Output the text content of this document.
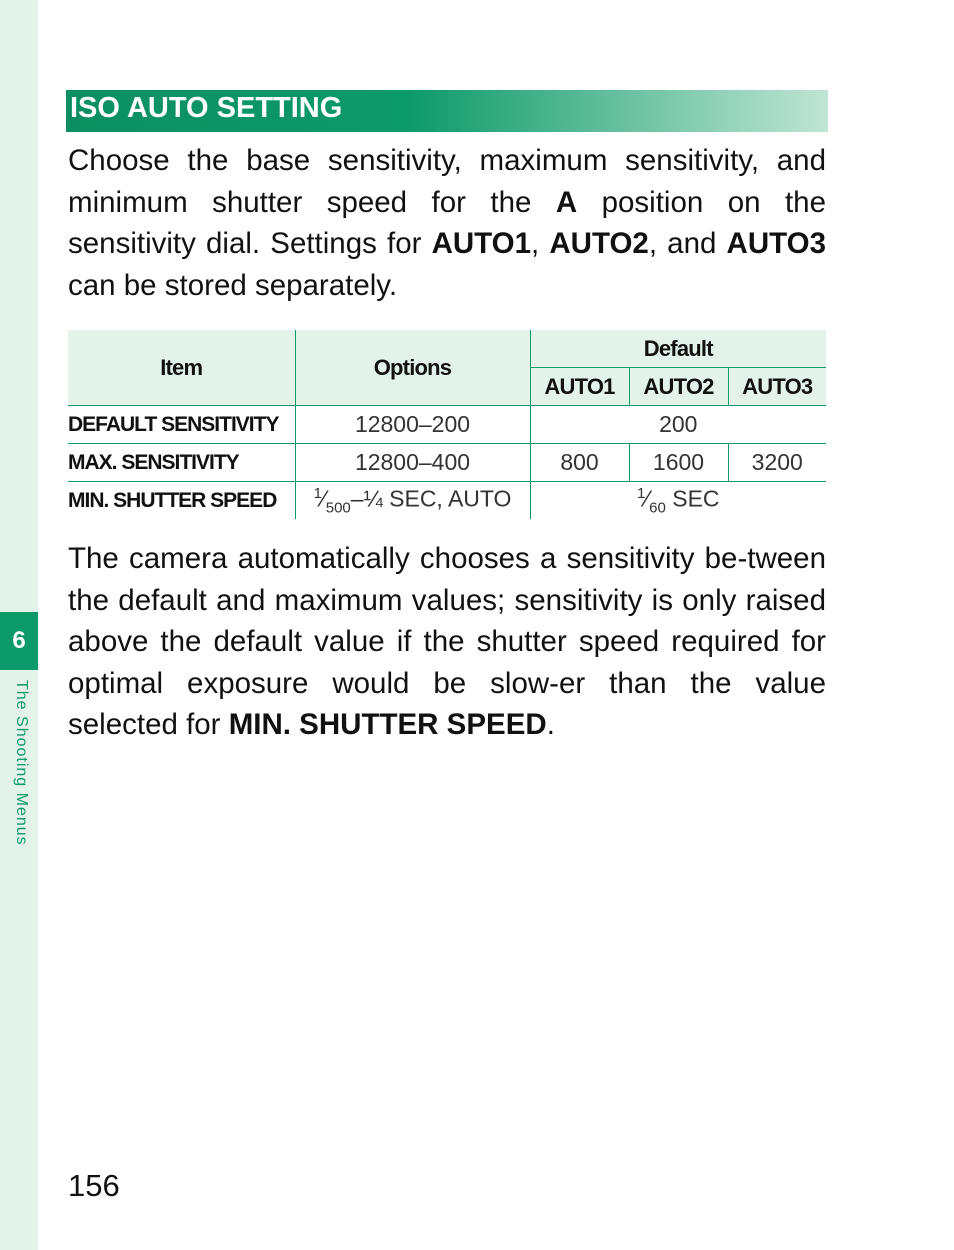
6
The Shooting Menus
ISO AUTO SETTING

Choose the base sensitivity, maximum sensitivity, and minimum shutter speed for the A position on the sensitivity dial. Settings for AUTO1, AUTO2, and AUTO3 can be stored separately.

Item	Options	Default		
		AUTO1	AUTO2	AUTO3
DEFAULT SENSITIVITY	12800–200	200		
MAX. SENSITIVITY	12800–400	800	1600	3200
MIN. SHUTTER SPEED	$^1⁄_{500}-\frac{1}{4}$ SEC, AUTO	$^1⁄_{60}$ SEC		

The camera automatically chooses a sensitivity be-tween the default and maximum values; sensitivity is only raised above the default value if the shutter speed required for optimal exposure would be slow-er than the value selected for MIN. SHUTTER SPEED.

156
